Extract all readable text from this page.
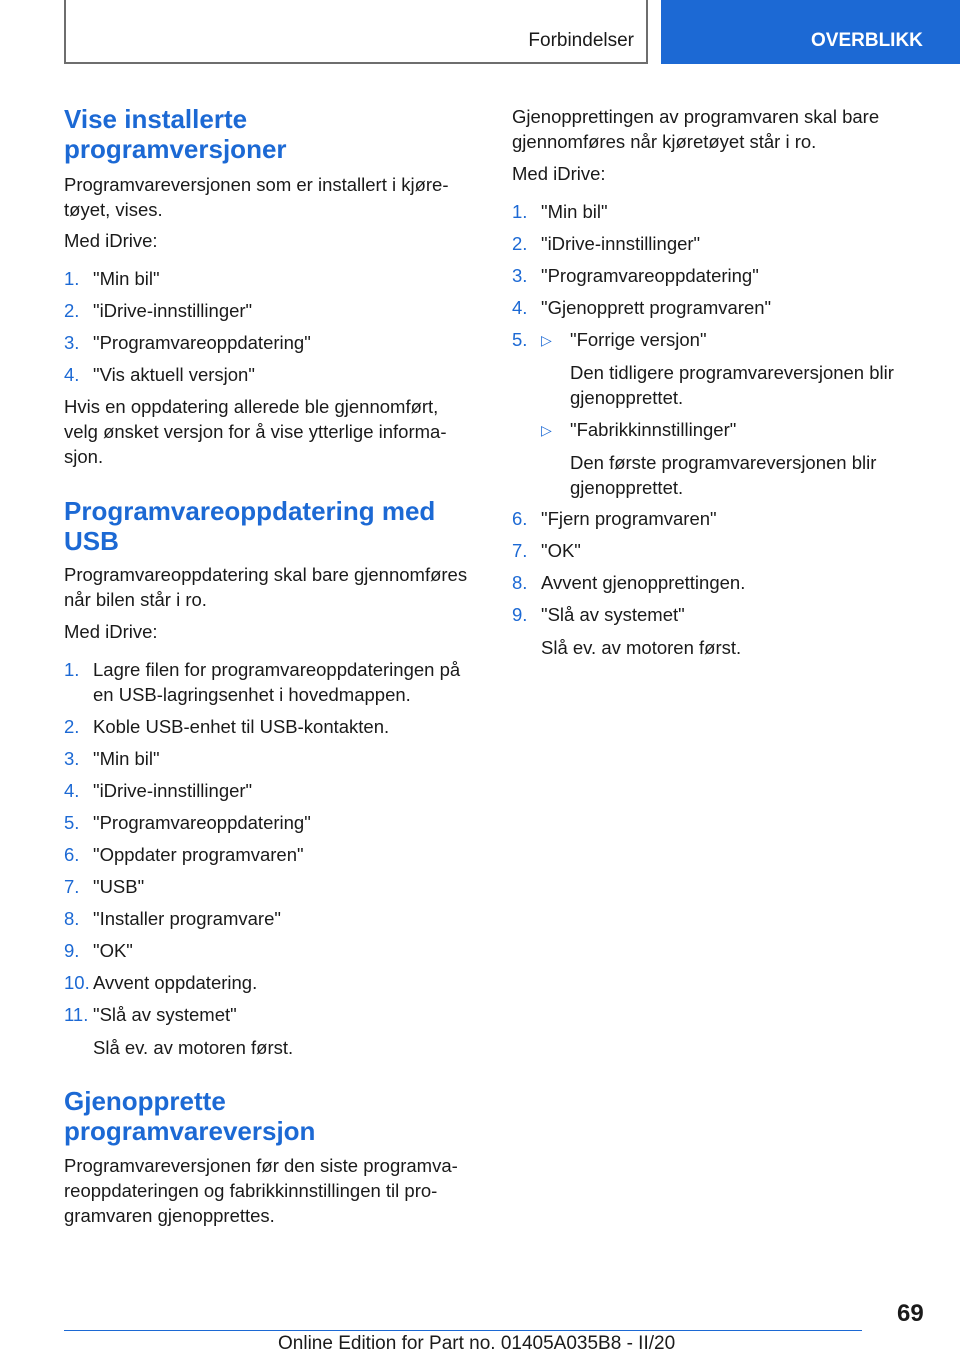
Forbindelser	OVERBLIKK
Vise installerte
programversjoner

Programvareversjonen som er installert i kjøre-
tøyet, vises.

Med iDrive:

1. "Min bil"
2. "iDrive-innstillinger"
3. "Programvareoppdatering"
4. "Vis aktuell versjon"

Hvis en oppdatering allerede ble gjennomført,
velg ønsket versjon for å vise ytterlige informa-
sjon.

Programvareoppdatering med
USB

Programvareoppdatering skal bare gjennomføres
når bilen står i ro.

Med iDrive:

1. Lagre filen for programvareoppdateringen på
en USB-lagringsenhet i hovedmappen.
2. Koble USB-enhet til USB-kontakten.
3. "Min bil"
4. "iDrive-innstillinger"
5. "Programvareoppdatering"
6. "Oppdater programvaren"
7. "USB"
8. "Installer programvare"
9. "OK"
10. Avvent oppdatering.
11. "Slå av systemet"
Slå ev. av motoren først.
Gjenopprette
programvareversjon

Programvareversjonen før den siste programva-
reoppdateringen og fabrikkinnstillingen til pro-
gramvaren gjenopprettes.

Gjenopprettingen av programvaren skal bare
gjennomføres når kjøretøyet står i ro.

Med iDrive:

1. "Min bil"
2. "iDrive-innstillinger"
3. "Programvareoppdatering"
4. "Gjenopprett programvaren"
5. ▷ "Forrige versjon"
Den tidligere programvareversjonen blir
gjenopprettet.
▷ "Fabrikkinnstillinger"
Den første programvareversjonen blir
gjenopprettet.
6. "Fjern programvaren"
7. "OK"
8. Avvent gjenopprettingen.
9. "Slå av systemet"
Slå ev. av motoren først.
69
Online Edition for Part no. 01405A035B8 - II/20
